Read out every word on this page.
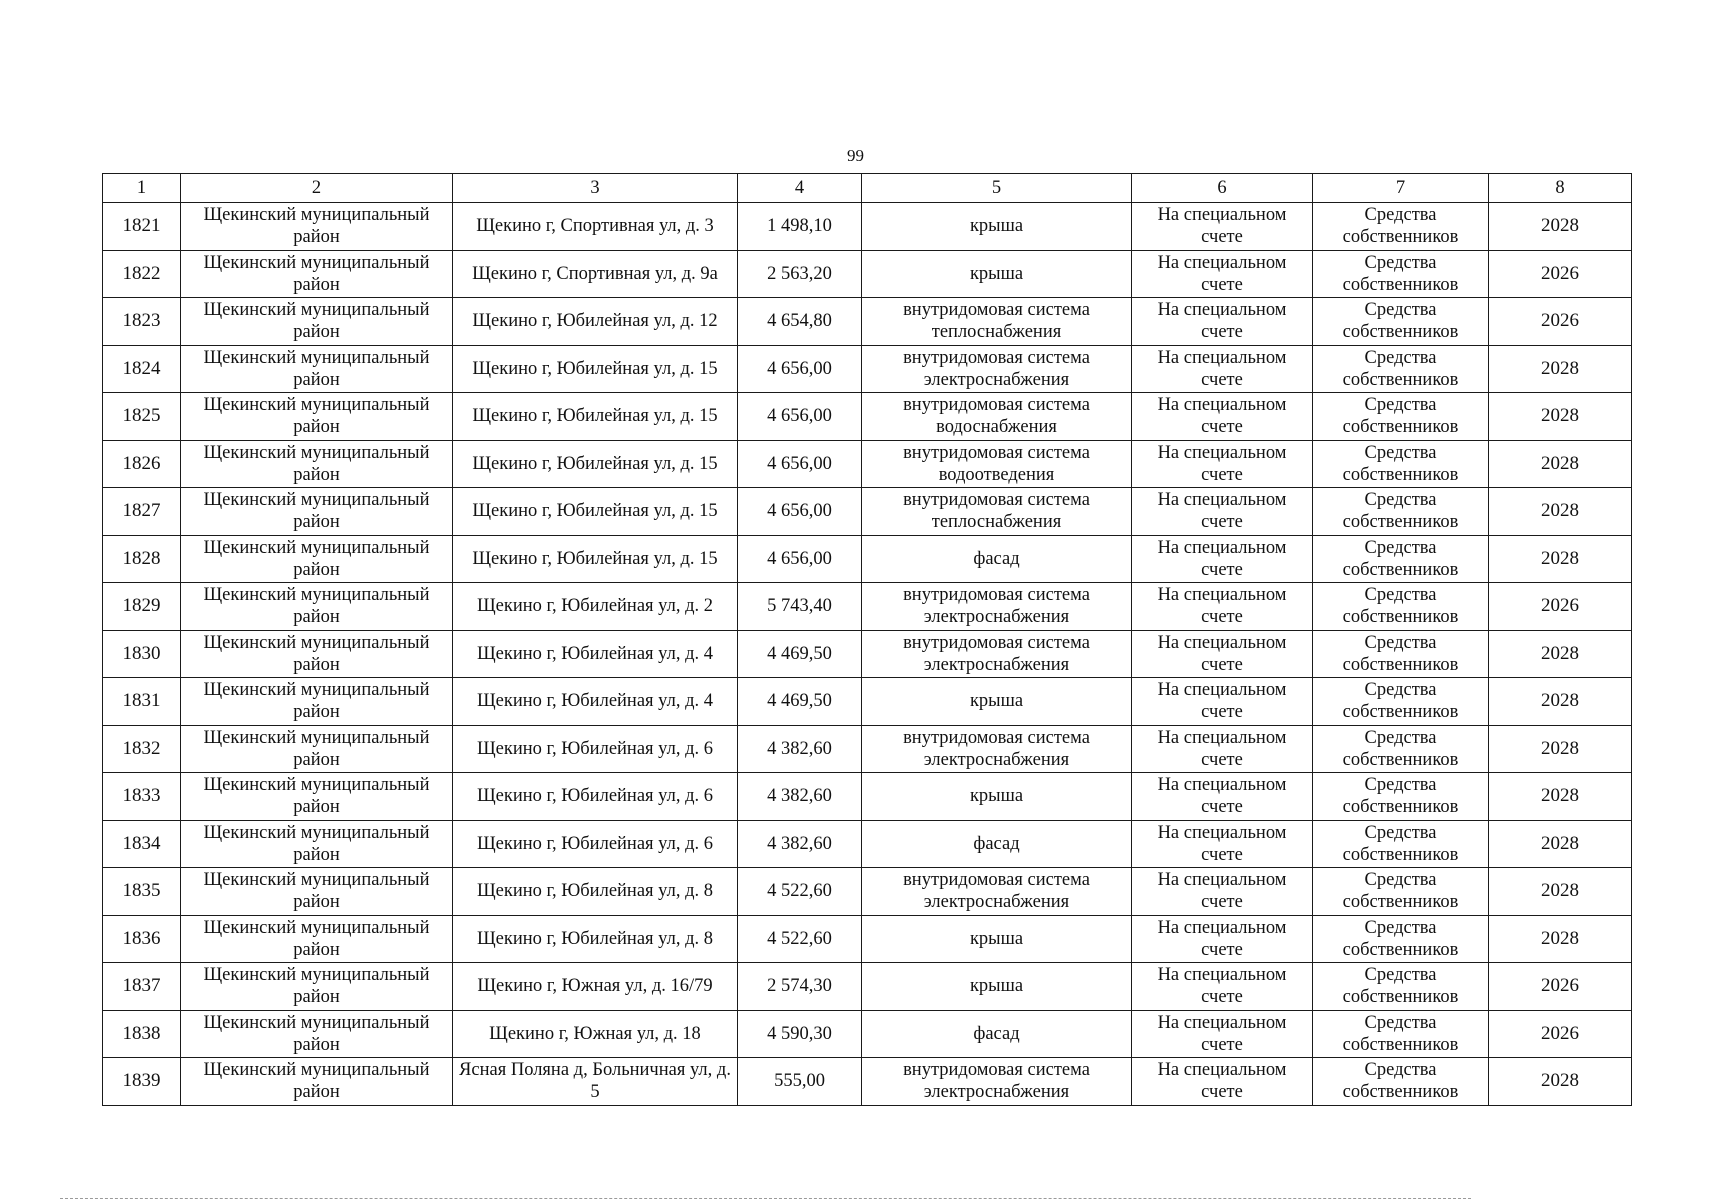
99
1	2	3	4	5	6	7	8
1821	Щекинский муниципальный район	Щекино г, Спортивная ул, д. 3	1 498,10	крыша	На специальном счете	Средства собственников	2028
1822	Щекинский муниципальный район	Щекино г, Спортивная ул, д. 9а	2 563,20	крыша	На специальном счете	Средства собственников	2026
1823	Щекинский муниципальный район	Щекино г, Юбилейная ул, д. 12	4 654,80	внутридомовая система теплоснабжения	На специальном счете	Средства собственников	2026
1824	Щекинский муниципальный район	Щекино г, Юбилейная ул, д. 15	4 656,00	внутридомовая система электроснабжения	На специальном счете	Средства собственников	2028
1825	Щекинский муниципальный район	Щекино г, Юбилейная ул, д. 15	4 656,00	внутридомовая система водоснабжения	На специальном счете	Средства собственников	2028
1826	Щекинский муниципальный район	Щекино г, Юбилейная ул, д. 15	4 656,00	внутридомовая система водоотведения	На специальном счете	Средства собственников	2028
1827	Щекинский муниципальный район	Щекино г, Юбилейная ул, д. 15	4 656,00	внутридомовая система теплоснабжения	На специальном счете	Средства собственников	2028
1828	Щекинский муниципальный район	Щекино г, Юбилейная ул, д. 15	4 656,00	фасад	На специальном счете	Средства собственников	2028
1829	Щекинский муниципальный район	Щекино г, Юбилейная ул, д. 2	5 743,40	внутридомовая система электроснабжения	На специальном счете	Средства собственников	2026
1830	Щекинский муниципальный район	Щекино г, Юбилейная ул, д. 4	4 469,50	внутридомовая система электроснабжения	На специальном счете	Средства собственников	2028
1831	Щекинский муниципальный район	Щекино г, Юбилейная ул, д. 4	4 469,50	крыша	На специальном счете	Средства собственников	2028
1832	Щекинский муниципальный район	Щекино г, Юбилейная ул, д. 6	4 382,60	внутридомовая система электроснабжения	На специальном счете	Средства собственников	2028
1833	Щекинский муниципальный район	Щекино г, Юбилейная ул, д. 6	4 382,60	крыша	На специальном счете	Средства собственников	2028
1834	Щекинский муниципальный район	Щекино г, Юбилейная ул, д. 6	4 382,60	фасад	На специальном счете	Средства собственников	2028
1835	Щекинский муниципальный район	Щекино г, Юбилейная ул, д. 8	4 522,60	внутридомовая система электроснабжения	На специальном счете	Средства собственников	2028
1836	Щекинский муниципальный район	Щекино г, Юбилейная ул, д. 8	4 522,60	крыша	На специальном счете	Средства собственников	2028
1837	Щекинский муниципальный район	Щекино г, Южная ул, д. 16/79	2 574,30	крыша	На специальном счете	Средства собственников	2026
1838	Щекинский муниципальный район	Щекино г, Южная ул, д. 18	4 590,30	фасад	На специальном счете	Средства собственников	2026
1839	Щекинский муниципальный район	Ясная Поляна д, Больничная ул, д. 5	555,00	внутридомовая система электроснабжения	На специальном счете	Средства собственников	2028
